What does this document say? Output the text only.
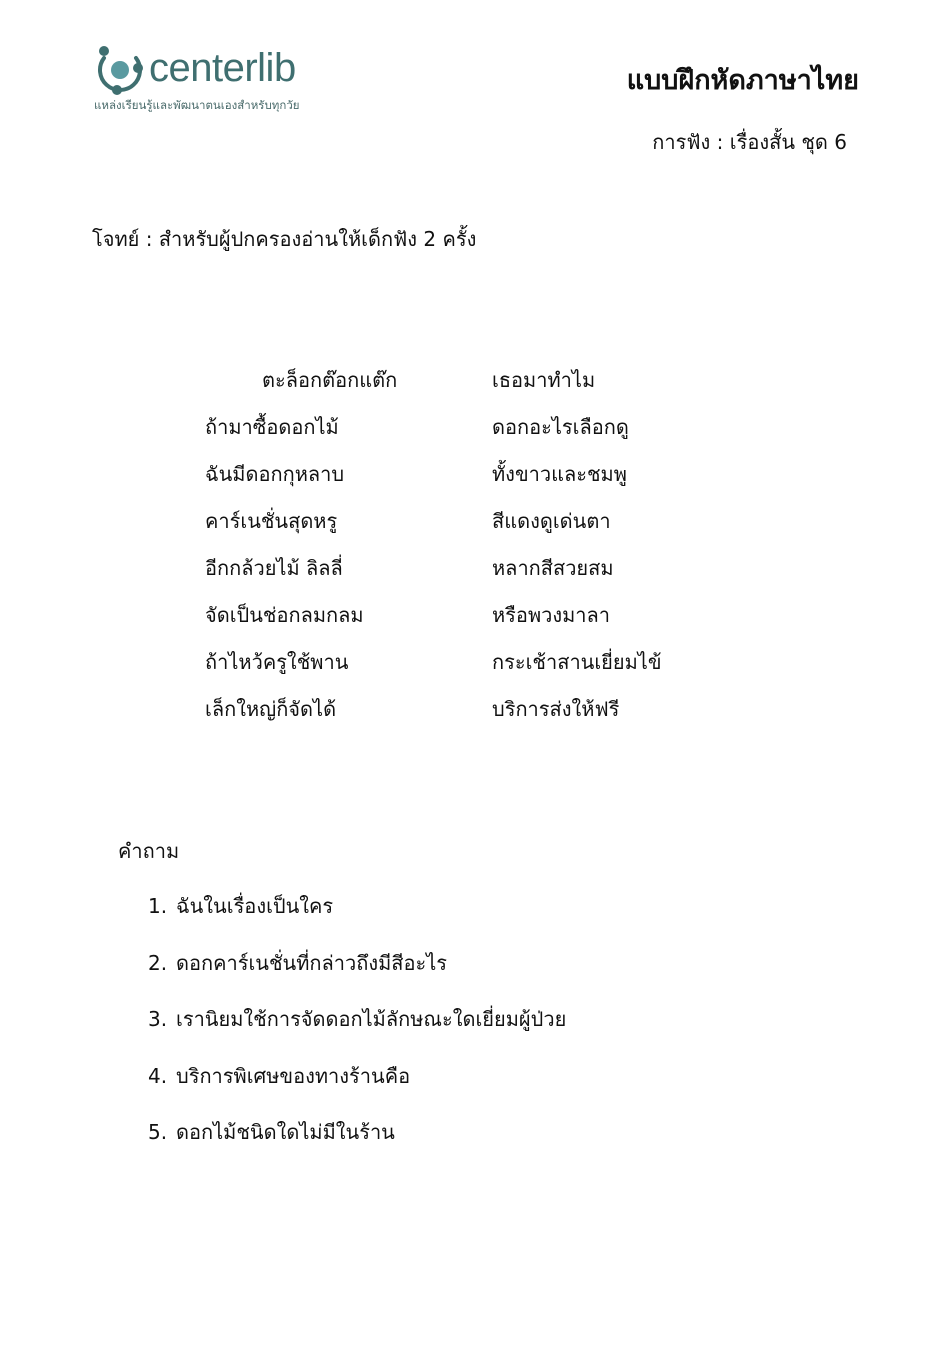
centerlib
แหล่งเรียนรู้และพัฒนาตนเองสำหรับทุกวัย
แบบฝึกหัดภาษาไทย
การฟัง : เรื่องสั้น ชุด 6
โจทย์ : สำหรับผู้ปกครองอ่านให้เด็กฟัง 2 ครั้ง
ตะล็อกต๊อกแต๊ก	เธอมาทำไม
ถ้ามาซื้อดอกไม้	ดอกอะไรเลือกดู
ฉันมีดอกกุหลาบ	ทั้งขาวและชมพู
คาร์เนชั่นสุดหรู	สีแดงดูเด่นตา
อีกกล้วยไม้ ลิลลี่	หลากสีสวยสม
จัดเป็นช่อกลมกลม	หรือพวงมาลา
ถ้าไหว้ครูใช้พาน	กระเช้าสานเยี่ยมไข้
เล็กใหญ่ก็จัดได้	บริการส่งให้ฟรี
คำถาม
1. ฉันในเรื่องเป็นใคร
2. ดอกคาร์เนชั่นที่กล่าวถึงมีสีอะไร
3. เรานิยมใช้การจัดดอกไม้ลักษณะใดเยี่ยมผู้ป่วย
4. บริการพิเศษของทางร้านคือ
5. ดอกไม้ชนิดใดไม่มีในร้าน
